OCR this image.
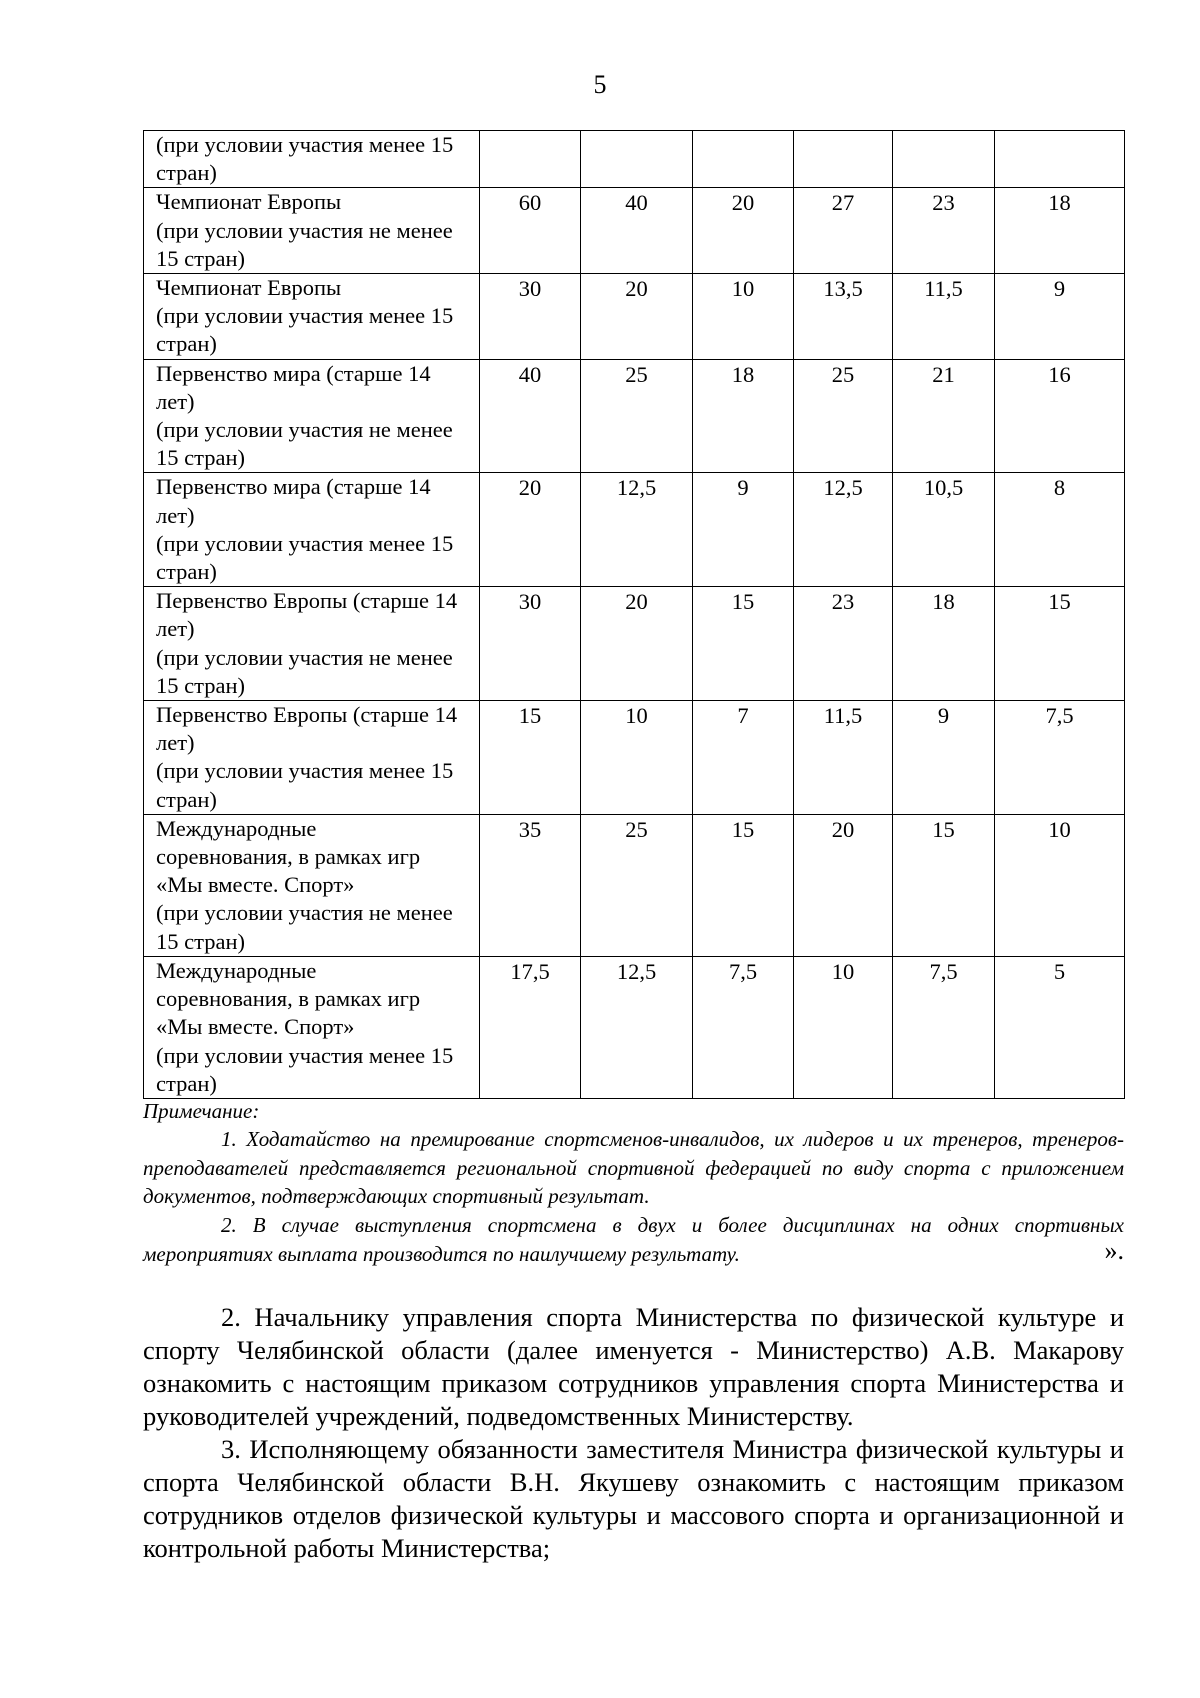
5
(при условии участия менее 15
стран)						

Чемпионат Европы
(при условии участия не менее
15 стран)	60	40	20	27	23	18

Чемпионат Европы
(при условии участия менее 15
стран)	30	20	10	13,5	11,5	9

Первенство мира (старше 14
лет)
(при условии участия не менее
15 стран)	40	25	18	25	21	16

Первенство мира (старше 14
лет)
(при условии участия менее 15
стран)	20	12,5	9	12,5	10,5	8

Первенство Европы (старше 14
лет)
(при условии участия не менее
15 стран)	30	20	15	23	18	15

Первенство Европы (старше 14
лет)
(при условии участия менее 15
стран)	15	10	7	11,5	9	7,5

Международные
соревнования, в рамках игр
«Мы вместе. Спорт»
(при условии участия не менее
15 стран)	35	25	15	20	15	10

Международные
соревнования, в рамках игр
«Мы вместе. Спорт»
(при условии участия менее 15
стран)	17,5	12,5	7,5	10	7,5	5
Примечание:
1. Ходатайство на премирование спортсменов-инвалидов, их лидеров и их тренеров, тренеров-преподавателей представляется региональной спортивной федерацией по виду спорта с приложением документов, подтверждающих спортивный результат.
2. В случае выступления спортсмена в двух и более дисциплинах на одних спортивных мероприятиях выплата производится по наилучшему результату.	».
2. Начальнику управления спорта Министерства по физической культуре и спорту Челябинской области (далее именуется - Министерство) А.В. Макарову ознакомить с настоящим приказом сотрудников управления спорта Министерства и руководителей учреждений, подведомственных Министерству.
3. Исполняющему обязанности заместителя Министра физической культуры и спорта Челябинской области В.Н. Якушеву ознакомить с настоящим приказом сотрудников отделов физической культуры и массового спорта и организационной и контрольной работы Министерства;
